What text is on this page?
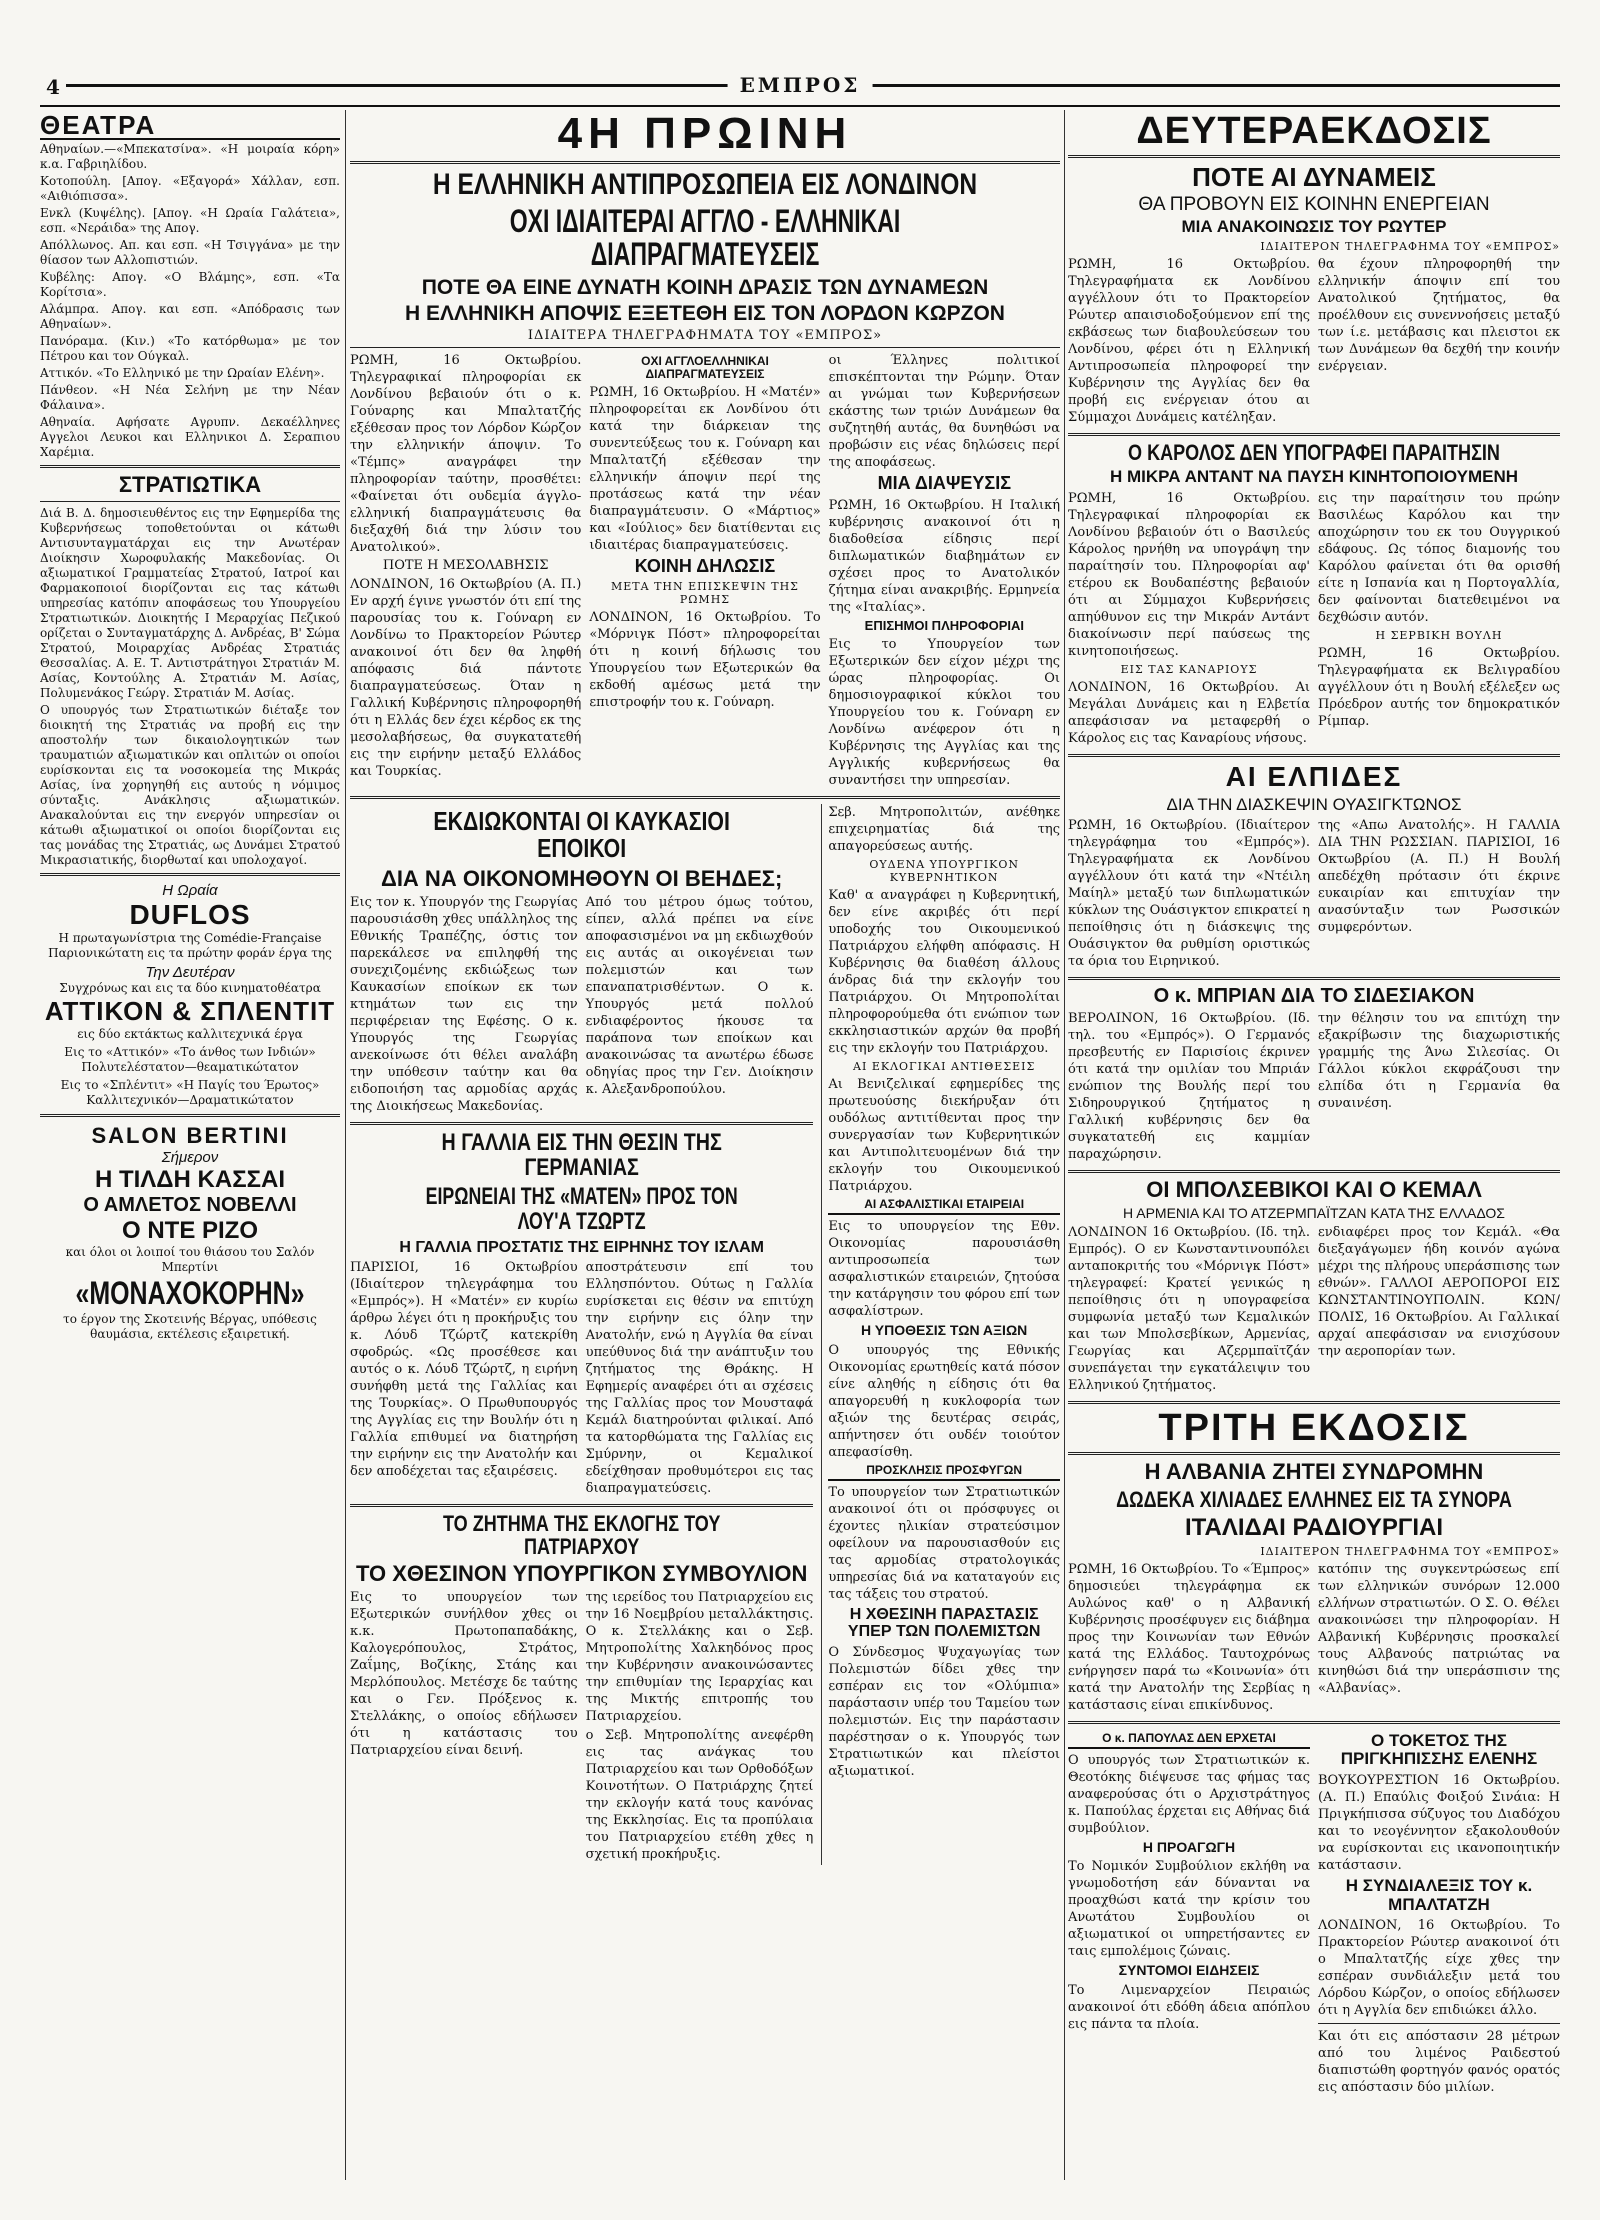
4	ΕΜΠΡΟΣ
ΘΕΑΤΡΑ

Αθηναίων.—«Μπεκατσίνα». «Η μοιραία κόρη» κ.α. Γαβριηλίδου.

Κοτοπούλη. [Απογ. «Εξαγορά» Χάλλαν, εσπ. «Αιθιόπισσα».

Ενκλ (Κυψέλης). [Απογ. «Η Ωραία Γαλάτεια», εσπ. «Νεράιδα» της Απογ.

Απόλλωνος. Απ. και εσπ. «Η Τσιγγάνα» με την θίασον των Αλλοπιστιών.

Κυβέλης: Απογ. «Ο Βλάμης», εσπ. «Τα Κορίτσια».

Αλάμπρα. Απογ. και εσπ. «Απόδρασις των Αθηναίων».

Πανόραμα. (Κιν.) «Το κατόρθωμα» με τον Πέτρου και τον Ούγκαλ.

Αττικόν. «Το Ελληνικό με την Ωραίαν Ελένη».

Πάνθεον. «Η Νέα Σελήνη με την Νέαν Φάλαινα».

Αθηναία. Αφήσατε Αγρυπν. Δεκαέλληνες Αγγελοι Λευκοι και Ελληνικοι Δ. Σεραπιου Χαρέμια.

ΣΤΡΑΤΙΩΤΙΚΑ

Διά Β. Δ. δημοσιευθέντος εις την Εφημερίδα της Κυβερνήσεως τοποθετούνται οι κάτωθι Αντισυνταγματάρχαι εις την Ανωτέραν Διοίκησιν Χωροφυλακής Μακεδονίας. Οι αξιωματικοί Γραμματείας Στρατού, Ιατροί και Φαρμακοποιοί διορίζονται εις τας κάτωθι υπηρεσίας κατόπιν αποφάσεως του Υπουργείου Στρατιωτικών. Διοικητής Ι Μεραρχίας Πεζικού ορίζεται ο Συνταγματάρχης Δ. Ανδρέας, Β' Σώμα Στρατού, Μοιραρχίας Ανδρέας Στρατιάς Θεσσαλίας. Α. Ε. Τ. Αντιστράτηγοι Στρατιάν Μ. Ασίας, Κοντούλης Α. Στρατιάν Μ. Ασίας, Πολυμενάκος Γεώργ. Στρατιάν Μ. Ασίας.

Ο υπουργός των Στρατιωτικών διέταξε τον διοικητή της Στρατιάς να προβή εις την αποστολήν των δικαιολογητικών των τραυματιών αξιωματικών και οπλιτών οι οποίοι ευρίσκονται εις τα νοσοκομεία της Μικράς Ασίας, ίνα χορηγηθή εις αυτούς η νόμιμος σύνταξις. Ανάκλησις αξιωματικών. Ανακαλούνται εις την ενεργόν υπηρεσίαν οι κάτωθι αξιωματικοί οι οποίοι διορίζονται εις τας μονάδας της Στρατιάς, ως Δυνάμει Στρατού Μικρασιατικής, διορθωταί και υπολοχαγοί.

Η Ωραία
DUFLOS
Η πρωταγωνίστρια της Comédie-Française Παριονικώτατη εις τα πρώτην φοράν έργα της
Την Δευτέραν
Συγχρόνως και εις τα δύο κινηματοθέατρα
ΑΤΤΙΚΟΝ & ΣΠΛΕΝΤΙΤ
εις δύο εκτάκτως καλλιτεχνικά έργα
Εις το «Αττικόν» «Το άνθος των Ινδιών» Πολυτελέστατον—θεαματικώτατον
Εις το «Σπλέντιτ» «Η Παγίς του Έρωτος» Καλλιτεχνικόν—Δραματικώτατον
SALON BERTINI
Σήμερον
Η ΤΙΛΔΗ ΚΑΣΣΑΙ
Ο ΑΜΛΕΤΟΣ ΝΟΒΕΛΛΙ
Ο ΝΤΕ ΡΙΖΟ
και όλοι οι λοιποί του θιάσου του Σαλόν Μπερτίνι
«ΜΟΝΑΧΟΚΟΡΗΝ»
το έργον της Σκοτεινής Βέργας, υπόθεσις θαυμάσια, εκτέλεσις εξαιρετική.
4Η ΠΡΩΙΝΗ
Η ΕΛΛΗΝΙΚΗ ΑΝΤΙΠΡΟΣΩΠΕΙΑ ΕΙΣ ΛΟΝΔΙΝΟΝ
ΟΧΙ ΙΔΙΑΙΤΕΡΑΙ ΑΓΓΛΟ - ΕΛΛΗΝΙΚΑΙ ΔΙΑΠΡΑΓΜΑΤΕΥΣΕΙΣ
ΠΟΤΕ ΘΑ ΕΙΝΕ ΔΥΝΑΤΗ ΚΟΙΝΗ ΔΡΑΣΙΣ ΤΩΝ ΔΥΝΑΜΕΩΝ
Η ΕΛΛΗΝΙΚΗ ΑΠΟΨΙΣ ΕΞΕΤΕΘΗ ΕΙΣ ΤΟΝ ΛΟΡΔΟΝ ΚΩΡΖΟΝ
ΙΔΙΑΙΤΕΡΑ ΤΗΛΕΓΡΑΦΗΜΑΤΑ ΤΟΥ «ΕΜΠΡΟΣ»

ΡΩΜΗ, 16 Οκτωβρίου. Τηλεγραφικαί πληροφορίαι εκ Λονδίνου βεβαιούν ότι ο κ. Γούναρης και Μπαλτατζής εξέθεσαν προς τον Λόρδον Κώρζον την ελληνικήν άποψιν. Το «Τέμπς» αναγράφει την πληροφορίαν ταύτην, προσθέτει: «Φαίνεται ότι ουδεμία άγγλο-ελληνική διαπραγμάτευσις θα διεξαχθή διά την λύσιν του Ανατολικού».

ΠΟΤΕ Η ΜΕΣΟΛΑΒΗΣΙΣ

ΛΟΝΔΙΝΟΝ, 16 Οκτωβρίου (Α. Π.) Εν αρχή έγινε γνωστόν ότι επί της παρουσίας του κ. Γούναρη εν Λονδίνω το Πρακτορείον Ρώυτερ ανακοινοί ότι δεν θα ληφθή απόφασις διά πάντοτε διαπραγματεύσεως. Όταν η Γαλλική Κυβέρνησις πληροφορηθή ότι η Ελλάς δεν έχει κέρδος εκ της μεσολαβήσεως, θα συγκατατεθή εις την ειρήνην μεταξύ Ελλάδος και Τουρκίας.

ΟΧΙ ΑΓΓΛΟΕΛΛΗΝΙΚΑΙ ΔΙΑΠΡΑΓΜΑΤΕΥΣΕΙΣ

ΡΩΜΗ, 16 Οκτωβρίου. Η «Ματέν» πληροφορείται εκ Λονδίνου ότι κατά την διάρκειαν της συνεντεύξεως του κ. Γούναρη και Μπαλτατζή εξέθεσαν την ελληνικήν άποψιν περί της προτάσεως κατά την νέαν διαπραγμάτευσιν. Ο «Μάρτιος» και «Ιούλιος» δεν διατίθενται εις ιδιαιτέρας διαπραγματεύσεις.

ΚΟΙΝΗ ΔΗΛΩΣΙΣ
ΜΕΤΑ ΤΗΝ ΕΠΙΣΚΕΨΙΝ ΤΗΣ ΡΩΜΗΣ

ΛΟΝΔΙΝΟΝ, 16 Οκτωβρίου. Το «Μόρνιγκ Πόστ» πληροφορείται ότι η κοινή δήλωσις του Υπουργείου των Εξωτερικών θα εκδοθή αμέσως μετά την επιστροφήν του κ. Γούναρη.

οι Έλληνες πολιτικοί επισκέπτονται την Ρώμην. Όταν αι γνώμαι των Κυβερνήσεων εκάστης των τριών Δυνάμεων θα συζητηθή αυτάς, θα δυνηθώσι να προβώσιν εις νέας δηλώσεις περί της αποφάσεως.

ΜΙΑ ΔΙΑΨΕΥΣΙΣ

ΡΩΜΗ, 16 Οκτωβρίου. Η Ιταλική κυβέρνησις ανακοινοί ότι η διαδοθείσα είδησις περί διπλωματικών διαβημάτων εν σχέσει προς το Ανατολικόν ζήτημα είναι ανακριβής. Ερμηνεία της «Ιταλίας».

ΕΠΙΣΗΜΟΙ ΠΛΗΡΟΦΟΡΙΑΙ

Εις το Υπουργείον των Εξωτερικών δεν είχον μέχρι της ώρας πληροφορίας. Οι δημοσιογραφικοί κύκλοι του Υπουργείου του κ. Γούναρη εν Λονδίνω ανέφερον ότι η Κυβέρνησις της Αγγλίας και της Αγγλικής κυβερνήσεως θα συναντήσει την υπηρεσίαν.

ΕΚΔΙΩΚΟΝΤΑΙ ΟΙ ΚΑΥΚΑΣΙΟΙ ΕΠΟΙΚΟΙ
ΔΙΑ ΝΑ ΟΙΚΟΝΟΜΗΘΟΥΝ ΟΙ ΒΕΗΔΕΣ;

Εις τον κ. Υπουργόν της Γεωργίας παρουσιάσθη χθες υπάλληλος της Εθνικής Τραπέζης, όστις τον παρεκάλεσε να επιληφθή της συνεχιζομένης εκδιώξεως των Καυκασίων εποίκων εκ των κτημάτων των εις την περιφέρειαν της Εφέσης. Ο κ. Υπουργός της Γεωργίας ανεκοίνωσε ότι θέλει αναλάβη την υπόθεσιν ταύτην και θα ειδοποιήση τας αρμοδίας αρχάς της Διοικήσεως Μακεδονίας.

Από του μέτρου όμως τούτου, είπεν, αλλά πρέπει να είνε αποφασισμένοι να μη εκδιωχθούν εις αυτάς αι οικογένειαι των πολεμιστών και των επαναπατρισθέντων. Ο κ. Υπουργός μετά πολλού ενδιαφέροντος ήκουσε τα παράπονα των εποίκων και ανακοινώσας τα ανωτέρω έδωσε οδηγίας προς την Γεν. Διοίκησιν κ. Αλεξανδροπούλου.

Η ΓΑΛΛΙΑ ΕΙΣ ΤΗΝ ΘΕΣΙΝ ΤΗΣ ΓΕΡΜΑΝΙΑΣ
ΕΙΡΩΝΕΙΑΙ ΤΗΣ «ΜΑΤΕΝ» ΠΡΟΣ ΤΟΝ ΛΟΥ'Α ΤΖΩΡΤΖ
Η ΓΑΛΛΙΑ ΠΡΟΣΤΑΤΙΣ ΤΗΣ ΕΙΡΗΝΗΣ ΤΟΥ ΙΣΛΑΜ

ΠΑΡΙΣΙΟΙ, 16 Οκτωβρίου (Ιδιαίτερον τηλεγράφημα του «Εμπρός»). Η «Ματέν» εν κυρίω άρθρω λέγει ότι η προκήρυξις του κ. Λόυδ Τζώρτζ κατεκρίθη σφοδρώς. «Ως προσέθεσε και αυτός ο κ. Λόυδ Τζώρτζ, η ειρήνη συνήφθη μετά της Γαλλίας και της Τουρκίας». Ο Πρωθυπουργός της Αγγλίας εις την Βουλήν ότι η Γαλλία επιθυμεί να διατηρήση την ειρήνην εις την Ανατολήν και δεν αποδέχεται τας εξαιρέσεις.

αποστράτευσιν επί του Ελλησπόντου. Ούτως η Γαλλία ευρίσκεται εις θέσιν να επιτύχη την ειρήνην εις όλην την Ανατολήν, ενώ η Αγγλία θα είναι υπεύθυνος διά την ανάπτυξιν του ζητήματος της Θράκης. Η Εφημερίς αναφέρει ότι αι σχέσεις της Γαλλίας προς τον Μουσταφά Κεμάλ διατηρούνται φιλικαί. Από τα κατορθώματα της Γαλλίας εις Σμύρνην, οι Κεμαλικοί εδείχθησαν προθυμότεροι εις τας διαπραγματεύσεις.

ΤΟ ΖΗΤΗΜΑ ΤΗΣ ΕΚΛΟΓΗΣ ΤΟΥ ΠΑΤΡΙΑΡΧΟΥ
ΤΟ ΧΘΕΣΙΝΟΝ ΥΠΟΥΡΓΙΚΟΝ ΣΥΜΒΟΥΛΙΟΝ

Εις το υπουργείον των Εξωτερικών συνήλθον χθες οι κ.κ. Πρωτοπαπαδάκης, Καλογερόπουλος, Στράτος, Ζαΐμης, Βοζίκης, Στάης και Μερλόπουλος. Μετέσχε δε ταύτης και ο Γεν. Πρόξενος κ. Στελλάκης, ο οποίος εδήλωσεν ότι η κατάστασις του Πατριαρχείου είναι δεινή.

της ιερείδος του Πατριαρχείου εις την 16 Νοεμβρίου μεταλλάκτησις. Ο κ. Στελλάκης και ο Σεβ. Μητροπολίτης Χαλκηδόνος προς την Κυβέρνησιν ανακοινώσαντες την επιθυμίαν της Ιεραρχίας και της Μικτής επιτροπής του Πατριαρχείου.

ο Σεβ. Μητροπολίτης ανεφέρθη εις τας ανάγκας του Πατριαρχείου και των Ορθοδόξων Κοινοτήτων. Ο Πατριάρχης ζητεί την εκλογήν κατά τους κανόνας της Εκκλησίας. Εις τα προπύλαια του Πατριαρχείου ετέθη χθες η σχετική προκήρυξις.

Σεβ. Μητροπολιτών, ανέθηκε επιχειρηματίας διά της απαγορεύσεως αυτής.

ΟΥΔΕΝΑ ΥΠΟΥΡΓΙΚΟΝ ΚΥΒΕΡΝΗΤΙΚΟΝ

Καθ' α αναγράφει η Κυβερνητική, δεν είνε ακριβές ότι περί υποδοχής του Οικουμενικού Πατριάρχου ελήφθη απόφασις. Η Κυβέρνησις θα διαθέση άλλους άνδρας διά την εκλογήν του Πατριάρχου. Οι Μητροπολίται πληροφορούμεθα ότι ενώπιον των εκκλησιαστικών αρχών θα προβή εις την εκλογήν του Πατριάρχου.

ΑΙ ΕΚΛΟΓΙΚΑΙ ΑΝΤΙΘΕΣΕΙΣ

Αι Βενιζελικαί εφημερίδες της πρωτευούσης διεκήρυξαν ότι ουδόλως αντιτίθενται προς την συνεργασίαν των Κυβερνητικών και Αντιπολιτευομένων διά την εκλογήν του Οικουμενικού Πατριάρχου.

ΑΙ ΑΣΦΑΛΙΣΤΙΚΑΙ ΕΤΑΙΡΕΙΑΙ

Εις το υπουργείον της Εθν. Οικονομίας παρουσιάσθη αντιπροσωπεία των ασφαλιστικών εταιρειών, ζητούσα την κατάργησιν του φόρου επί των ασφαλίστρων.

Η ΥΠΟΘΕΣΙΣ ΤΩΝ ΑΞΙΩΝ

Ο υπουργός της Εθνικής Οικονομίας ερωτηθείς κατά πόσον είνε αληθής η είδησις ότι θα απαγορευθή η κυκλοφορία των αξιών της δευτέρας σειράς, απήντησεν ότι ουδέν τοιούτον απεφασίσθη.

ΠΡΟΣΚΛΗΣΙΣ ΠΡΟΣΦΥΓΩΝ

Το υπουργείον των Στρατιωτικών ανακοινοί ότι οι πρόσφυγες οι έχοντες ηλικίαν στρατεύσιμον οφείλουν να παρουσιασθούν εις τας αρμοδίας στρατολογικάς υπηρεσίας διά να καταταγούν εις τας τάξεις του στρατού.

Η ΧΘΕΣΙΝΗ ΠΑΡΑΣΤΑΣΙΣ ΥΠΕΡ ΤΩΝ ΠΟΛΕΜΙΣΤΩΝ

Ο Σύνδεσμος Ψυχαγωγίας των Πολεμιστών δίδει χθες την εσπέραν εις τον «Ολύμπια» παράστασιν υπέρ του Ταμείου των πολεμιστών. Εις την παράστασιν παρέστησαν ο κ. Υπουργός των Στρατιωτικών και πλείστοι αξιωματικοί.

ΔΕΥΤΕΡΑΕΚΔΟΣΙΣ
ΠΟΤΕ ΑΙ ΔΥΝΑΜΕΙΣ
ΘΑ ΠΡΟΒΟΥΝ ΕΙΣ ΚΟΙΝΗΝ ΕΝΕΡΓΕΙΑΝ
ΜΙΑ ΑΝΑΚΟΙΝΩΣΙΣ ΤΟΥ ΡΩΥΤΕΡ
ΙΔΙΑΙΤΕΡΟΝ ΤΗΛΕΓΡΑΦΗΜΑ ΤΟΥ «ΕΜΠΡΟΣ»

ΡΩΜΗ, 16 Οκτωβρίου. Τηλεγραφήματα εκ Λονδίνου αγγέλλουν ότι το Πρακτορείον Ρώυτερ απαισιοδοξούμενον επί της εκβάσεως των διαβουλεύσεων του Λονδίνου, φέρει ότι η Ελληνική Αντιπροσωπεία πληροφορεί την Κυβέρνησιν της Αγγλίας δεν θα προβή εις ενέργειαν ότου αι Σύμμαχοι Δυνάμεις κατέληξαν.

θα έχουν πληροφορηθή την ελληνικήν άποψιν επί του Ανατολικού ζητήματος, θα προέλθουν εις συνεννοήσεις μεταξύ των ί.ε. μετάβασις και πλειστοι εκ των Δυνάμεων θα δεχθή την κοινήν ενέργειαν.

Ο ΚΑΡΟΛΟΣ ΔΕΝ ΥΠΟΓΡΑΦΕΙ ΠΑΡΑΙΤΗΣΙΝ
Η ΜΙΚΡΑ ΑΝΤΑΝΤ ΝΑ ΠΑΥΣΗ ΚΙΝΗΤΟΠΟΙΟΥΜΕΝΗ

ΡΩΜΗ, 16 Οκτωβρίου. Τηλεγραφικαί πληροφορίαι εκ Λονδίνου βεβαιούν ότι ο Βασιλεύς Κάρολος ηρνήθη να υπογράψη την παραίτησίν του. Πληροφορίαι αφ' ετέρου εκ Βουδαπέστης βεβαιούν ότι αι Σύμμαχοι Κυβερνήσεις απηύθυνον εις την Μικράν Αντάντ διακοίνωσιν περί παύσεως της κινητοποιήσεως.

ΕΙΣ ΤΑΣ ΚΑΝΑΡΙΟΥΣ

ΛΟΝΔΙΝΟΝ, 16 Οκτωβρίου. Αι Μεγάλαι Δυνάμεις και η Ελβετία απεφάσισαν να μεταφερθή ο Κάρολος εις τας Καναρίους νήσους.

εις την παραίτησιν του πρώην Βασιλέως Καρόλου και την αποχώρησιν του εκ του Ουγγρικού εδάφους. Ως τόπος διαμονής του Καρόλου φαίνεται ότι θα ορισθή είτε η Ισπανία και η Πορτογαλλία, δεν φαίνονται διατεθειμένοι να δεχθώσιν αυτόν.

Η ΣΕΡΒΙΚΗ ΒΟΥΛΗ

ΡΩΜΗ, 16 Οκτωβρίου. Τηλεγραφήματα εκ Βελιγραδίου αγγέλλουν ότι η Βουλή εξέλεξεν ως Πρόεδρον αυτής τον δημοκρατικόν Ρίμπαρ.

ΑΙ ΕΛΠΙΔΕΣ
ΔΙΑ ΤΗΝ ΔΙΑΣΚΕΨΙΝ ΟΥΑΣΙΓΚΤΩΝΟΣ

ΡΩΜΗ, 16 Οκτωβρίου. (Ιδιαίτερον τηλεγράφημα του «Εμπρός»). Τηλεγραφήματα εκ Λονδίνου αγγέλλουν ότι κατά την «Ντέιλη Μαίηλ» μεταξύ των διπλωματικών κύκλων της Ουάσιγκτον επικρατεί η πεποίθησις ότι η διάσκεψις της Ουάσιγκτον θα ρυθμίση οριστικώς τα όρια του Ειρηνικού.

της «Απω Ανατολής». Η ΓΑΛΛΙΑ ΔΙΑ ΤΗΝ ΡΩΣΣΙΑΝ. ΠΑΡΙΣΙΟΙ, 16 Οκτωβρίου (Α. Π.) Η Βουλή απεδέχθη πρότασιν ότι έκρινε ευκαιρίαν και επιτυχίαν την ανασύνταξιν των Ρωσσικών συμφερόντων.

Ο κ. ΜΠΡΙΑΝ ΔΙΑ ΤΟ ΣΙΔΕΣΙΑΚΟΝ

ΒΕΡΟΛΙΝΟΝ, 16 Οκτωβρίου. (Ιδ. τηλ. του «Εμπρός»). Ο Γερμανός πρεσβευτής εν Παρισίοις έκρινεν ότι κατά την ομιλίαν του Μπριάν ενώπιον της Βουλής περί του Σιδηρουργικού ζητήματος η Γαλλική κυβέρνησις δεν θα συγκατατεθή εις καμμίαν παραχώρησιν.

την θέλησιν του να επιτύχη την εξακρίβωσιν της διαχωριστικής γραμμής της Άνω Σιλεσίας. Οι Γάλλοι κύκλοι εκφράζουσι την ελπίδα ότι η Γερμανία θα συναινέση.

ΟΙ ΜΠΟΛΣΕΒΙΚΟΙ ΚΑΙ Ο ΚΕΜΑΛ
Η ΑΡΜΕΝΙΑ ΚΑΙ ΤΟ ΑΤΖΕΡΜΠΑΪΤΖΑΝ ΚΑΤΑ ΤΗΣ ΕΛΛΑΔΟΣ

ΛΟΝΔΙΝΟΝ 16 Οκτωβρίου. (Ιδ. τηλ. Εμπρός). Ο εν Κωνσταντινουπόλει ανταποκριτής του «Μόρνιγκ Πόστ» τηλεγραφεί: Κρατεί γενικώς η πεποίθησις ότι η υπογραφείσα συμφωνία μεταξύ των Κεμαλικών και των Μπολσεβίκων, Αρμενίας, Γεωργίας και Αζερμπαϊτζάν συνεπάγεται την εγκατάλειψιν του Ελληνικού ζητήματος.

ενδιαφέρει προς τον Κεμάλ. «Θα διεξαγάγωμεν ήδη κοινόν αγώνα μέχρι της πλήρους υπεράσπισης των εθνών». ΓΑΛΛΟΙ ΑΕΡΟΠΟΡΟΙ ΕΙΣ ΚΩΝΣΤΑΝΤΙΝΟΥΠΟΛΙΝ. ΚΩΝ/ΠΟΛΙΣ, 16 Οκτωβρίου. Αι Γαλλικαί αρχαί απεφάσισαν να ενισχύσουν την αεροπορίαν των.

ΤΡΙΤΗ ΕΚΔΟΣΙΣ
Η ΑΛΒΑΝΙΑ ΖΗΤΕΙ ΣΥΝΔΡΟΜΗΝ
ΔΩΔΕΚΑ ΧΙΛΙΑΔΕΣ ΕΛΛΗΝΕΣ ΕΙΣ ΤΑ ΣΥΝΟΡΑ
ΙΤΑΛΙΔΑΙ ΡΑΔΙΟΥΡΓΙΑΙ
ΙΔΙΑΙΤΕΡΟΝ ΤΗΛΕΓΡΑΦΗΜΑ ΤΟΥ «ΕΜΠΡΟΣ»

ΡΩΜΗ, 16 Οκτωβρίου. Το «Έμπρος» δημοσιεύει τηλεγράφημα εκ Αυλώνος καθ' ο η Αλβανική Κυβέρνησις προσέφυγεν εις διάβημα προς την Κοινωνίαν των Εθνών κατά της Ελλάδος. Ταυτοχρόνως ενήργησεν παρά τω «Κοινωνία» ότι κατά την Ανατολήν της Σερβίας η κατάστασις είναι επικίνδυνος.

κατόπιν της συγκεντρώσεως επί των ελληνικών συνόρων 12.000 ελλήνων στρατιωτών. Ο Σ. Ο. Θέλει ανακοινώσει την πληροφορίαν. Η Αλβανική Κυβέρνησις προσκαλεί τους Αλβανούς πατριώτας να κινηθώσι διά την υπεράσπισιν της «Αλβανίας».

Ο κ. ΠΑΠΟΥΛΑΣ ΔΕΝ ΕΡΧΕΤΑΙ

Ο υπουργός των Στρατιωτικών κ. Θεοτόκης διέψευσε τας φήμας τας αναφερούσας ότι ο Αρχιστράτηγος κ. Παπούλας έρχεται εις Αθήνας διά συμβούλιον.

Η ΠΡΟΑΓΩΓΗ

Το Νομικόν Συμβούλιον εκλήθη να γνωμοδοτήση εάν δύνανται να προαχθώσι κατά την κρίσιν του Ανωτάτου Συμβουλίου οι αξιωματικοί οι υπηρετήσαντες εν ταις εμπολέμοις ζώναις.

ΣΥΝΤΟΜΟΙ ΕΙΔΗΣΕΙΣ

Το Λιμεναρχείον Πειραιώς ανακοινοί ότι εδόθη άδεια απόπλου εις πάντα τα πλοία.

Ο ΤΟΚΕΤΟΣ ΤΗΣ ΠΡΙΓΚΗΠΙΣΣΗΣ ΕΛΕΝΗΣ

ΒΟΥΚΟΥΡΕΣΤΙΟΝ 16 Οκτωβρίου. (Α. Π.) Επαύλις Φοιξού Σινάια: Η Πριγκήπισσα σύζυγος του Διαδόχου και το νεογέννητον εξακολουθούν να ευρίσκονται εις ικανοποιητικήν κατάστασιν.

Η ΣΥΝΔΙΑΛΕΞΙΣ ΤΟΥ κ. ΜΠΑΛΤΑΤΖΗ

ΛΟΝΔΙΝΟΝ, 16 Οκτωβρίου. Το Πρακτορείον Ρώυτερ ανακοινοί ότι ο Μπαλτατζής είχε χθες την εσπέραν συνδιάλεξιν μετά του Λόρδου Κώρζον, ο οποίος εδήλωσεν ότι η Αγγλία δεν επιδιώκει άλλο.

Και ότι εις απόστασιν 28 μέτρων από του λιμένος Ραιδεστού διαπιστώθη φορτηγόν φανός ορατός εις απόστασιν δύο μιλίων.
